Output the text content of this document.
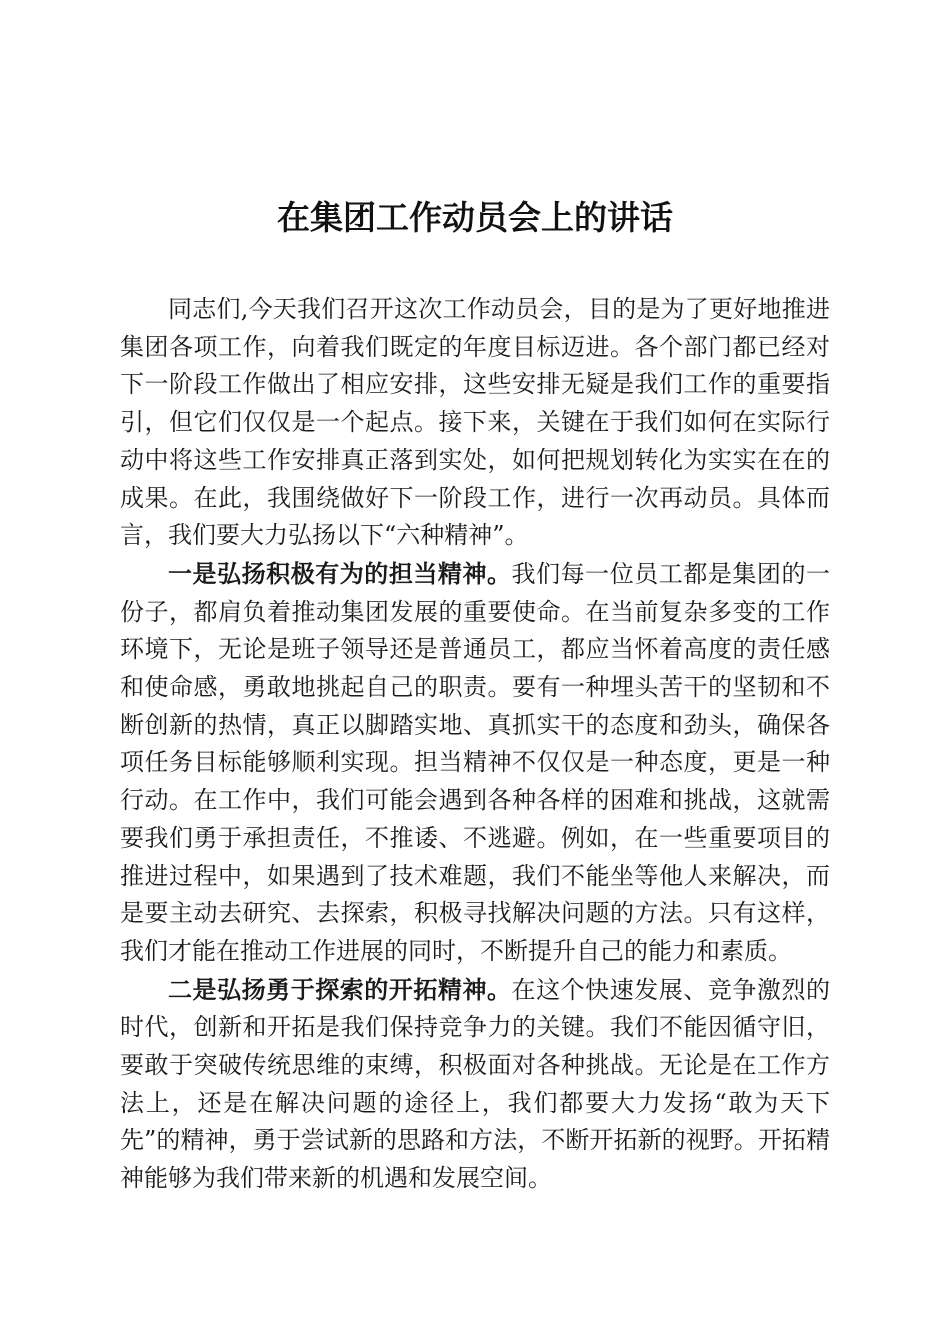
在集团工作动员会上的讲话

同志们,今天我们召开这次工作动员会，目的是为了更好地推进集团各项工作，向着我们既定的年度目标迈进。各个部门都已经对下一阶段工作做出了相应安排，这些安排无疑是我们工作的重要指引，但它们仅仅是一个起点。接下来，关键在于我们如何在实际行动中将这些工作安排真正落到实处，如何把规划转化为实实在在的成果。在此，我围绕做好下一阶段工作，进行一次再动员。具体而言，我们要大力弘扬以下“六种精神”。

一是弘扬积极有为的担当精神。我们每一位员工都是集团的一份子，都肩负着推动集团发展的重要使命。在当前复杂多变的工作环境下，无论是班子领导还是普通员工，都应当怀着高度的责任感和使命感，勇敢地挑起自己的职责。要有一种埋头苦干的坚韧和不断创新的热情，真正以脚踏实地、真抓实干的态度和劲头，确保各项任务目标能够顺利实现。担当精神不仅仅是一种态度，更是一种行动。在工作中，我们可能会遇到各种各样的困难和挑战，这就需要我们勇于承担责任，不推诿、不逃避。例如，在一些重要项目的推进过程中，如果遇到了技术难题，我们不能坐等他人来解决，而是要主动去研究、去探索，积极寻找解决问题的方法。只有这样，我们才能在推动工作进展的同时，不断提升自己的能力和素质。

二是弘扬勇于探索的开拓精神。在这个快速发展、竞争激烈的时代，创新和开拓是我们保持竞争力的关键。我们不能因循守旧，要敢于突破传统思维的束缚，积极面对各种挑战。无论是在工作方法上，还是在解决问题的途径上，我们都要大力发扬“敢为天下先”的精神，勇于尝试新的思路和方法，不断开拓新的视野。开拓精神能够为我们带来新的机遇和发展空间。
